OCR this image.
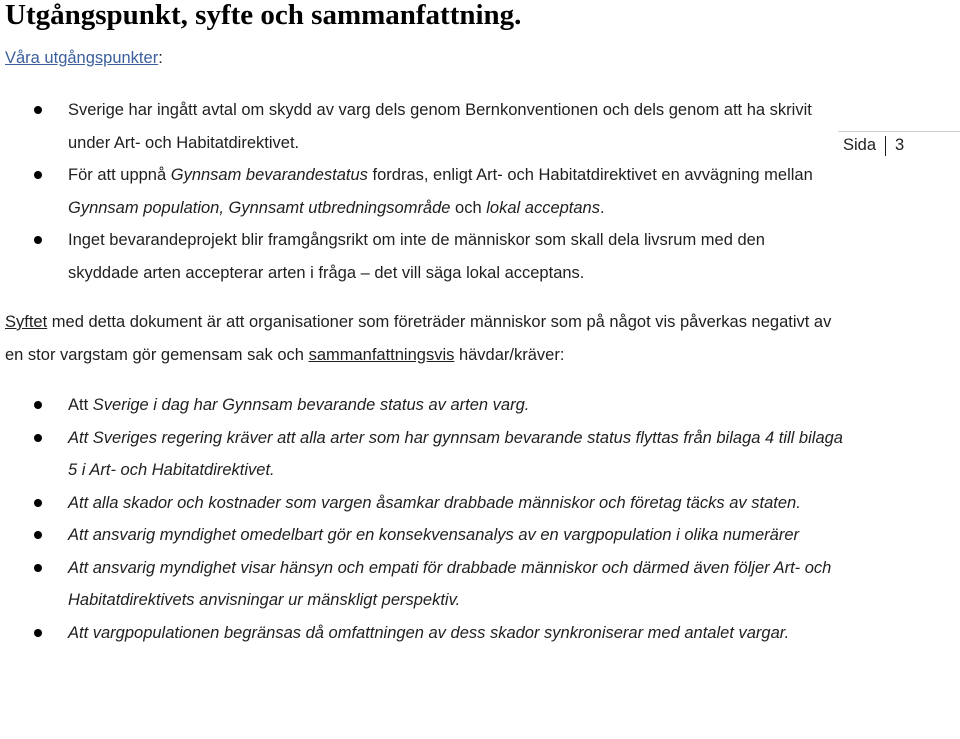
Utgångspunkt, syfte och sammanfattning.
Våra utgångspunkter:
Sida 3
Sverige har ingått avtal om skydd av varg dels genom Bernkonventionen och dels genom att ha skrivit under Art- och Habitatdirektivet.
För att uppnå Gynnsam bevarandestatus fordras, enligt Art- och Habitatdirektivet en avvägning mellan Gynnsam population, Gynnsamt utbredningsområde och lokal acceptans.
Inget bevarandeprojekt blir framgångsrikt om inte de människor som skall dela livsrum med den skyddade arten accepterar arten i fråga – det vill säga lokal acceptans.
Syftet med detta dokument är att organisationer som företräder människor som på något vis påverkas negativt av en stor vargstam gör gemensam sak och sammanfattningsvis hävdar/kräver:
Att Sverige i dag har Gynnsam bevarande status av arten varg.
Att Sveriges regering kräver att alla arter som har gynnsam bevarande status flyttas från bilaga 4 till bilaga 5 i Art- och Habitatdirektivet.
Att alla skador och kostnader som vargen åsamkar drabbade människor och företag täcks av staten.
Att ansvarig myndighet omedelbart gör en konsekvensanalys av en vargpopulation i olika numerärer
Att ansvarig myndighet visar hänsyn och empati för drabbade människor och därmed även följer Art- och Habitatdirektivets anvisningar ur mänskligt perspektiv.
Att vargpopulationen begränsas då omfattningen av dess skador synkroniserar med antalet vargar.
